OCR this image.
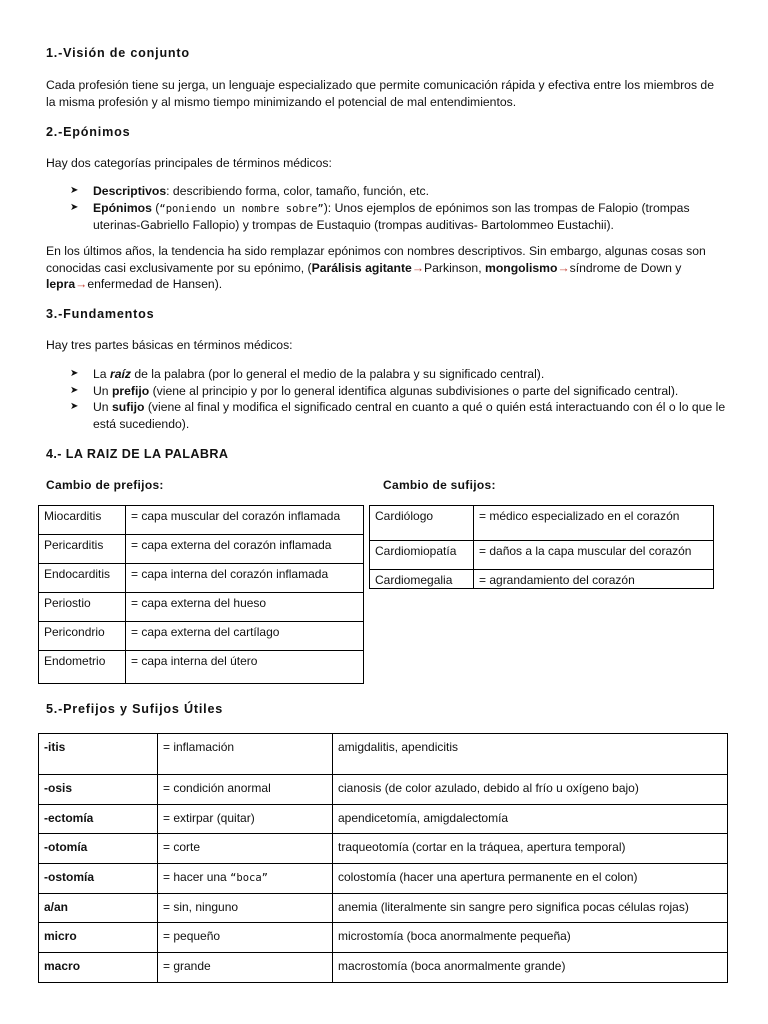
1.-Visión de conjunto

Cada profesión tiene su jerga, un lenguaje especializado que permite comunicación rápida y efectiva entre los miembros de la misma profesión y al mismo tiempo minimizando el potencial de mal entendimientos.

2.-Epónimos

Hay dos categorías principales de términos médicos:

➤ Descriptivos: describiendo forma, color, tamaño, función, etc.
➤ Epónimos (“poniendo un nombre sobre”): Unos ejemplos de epónimos son las trompas de Falopio (trompas uterinas-Gabriello Fallopio) y trompas de Eustaquio (trompas auditivas- Bartolommeo Eustachii).

En los últimos años, la tendencia ha sido remplazar epónimos con nombres descriptivos. Sin embargo, algunas cosas son conocidas casi exclusivamente por su epónimo, (Parálisis agitante→Parkinson, mongolismo→síndrome de Down y lepra→enfermedad de Hansen).

3.-Fundamentos

Hay tres partes básicas en términos médicos:

➤ La raíz de la palabra (por lo general el medio de la palabra y su significado central).
➤ Un prefijo (viene al principio y por lo general identifica algunas subdivisiones o parte del significado central).
➤ Un sufijo (viene al final y modifica el significado central en cuanto a qué o quién está interactuando con él o lo que le está sucediendo).
4.- LA RAIZ DE LA PALABRA
Cambio de prefijos:	Cambio de sufijos:
Miocarditis	= capa muscular del corazón inflamada
Pericarditis	= capa externa del corazón inflamada
Endocarditis	= capa interna del corazón inflamada
Periostio	= capa externa del hueso
Pericondrio	= capa externa del cartílago
Endometrio	= capa interna del útero
Cardiólogo	= médico especializado en el corazón
Cardiomiopatía	= daños a la capa muscular del corazón
Cardiomegalia	= agrandamiento del corazón
5.-Prefijos y Sufijos Útiles
-itis	= inflamación	amigdalitis, apendicitis
-osis	= condición anormal	cianosis (de color azulado, debido al frío u oxígeno bajo)
-ectomía	= extirpar (quitar)	apendicetomía, amigdalectomía
-otomía	= corte	traqueotomía (cortar en la tráquea, apertura temporal)
-ostomía	= hacer una “boca”	colostomía (hacer una apertura permanente en el colon)
a/an	= sin, ninguno	anemia (literalmente sin sangre pero significa pocas células rojas)
micro	= pequeño	microstomía (boca anormalmente pequeña)
macro	= grande	macrostomía (boca anormalmente grande)
